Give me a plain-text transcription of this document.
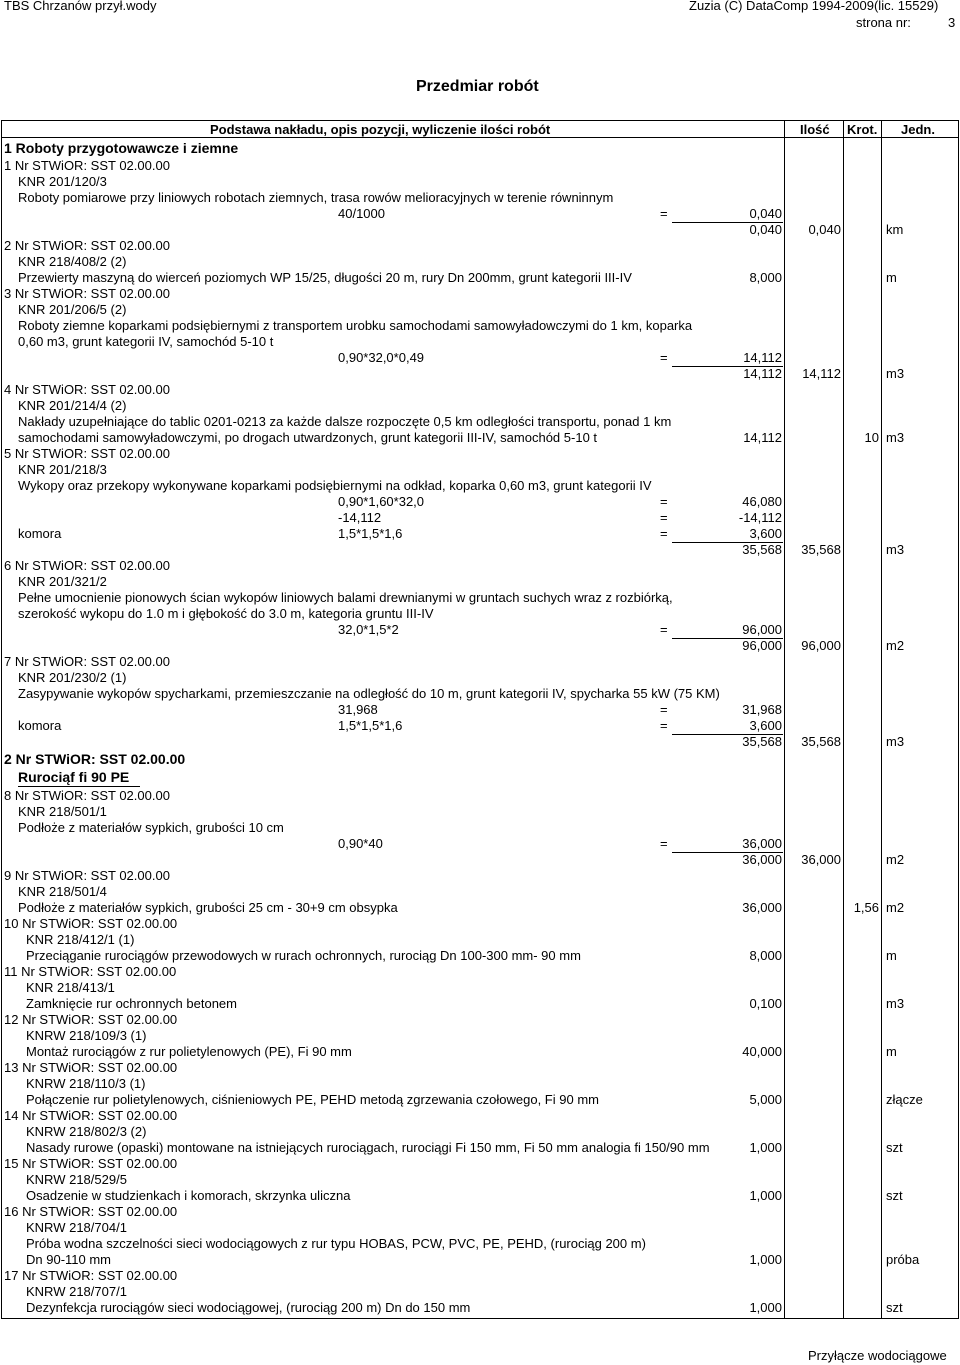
TBS Chrzanów przył.wody	Zuzia (C) DataComp 1994-2009(lic. 15529)
strona nr:	3
Przedmiar robót
Podstawa nakładu, opis pozycji, wyliczenie ilości robót	Ilość Krot. Jedn.
1 Roboty przygotowawcze i ziemne
1 Nr STWiOR: SST 02.00.00
KNR 201/120/3
Roboty pomiarowe przy liniowych robotach ziemnych, trasa rowów melioracyjnych w terenie równinnym
40/1000	=	0,040
0,040	0,040	km
2 Nr STWiOR: SST 02.00.00
KNR 218/408/2 (2)
Przewierty maszyną do wierceń poziomych WP 15/25, długości 20 m, rury Dn 200mm, grunt kategorii III-IV	8,000	m
3 Nr STWiOR: SST 02.00.00
KNR 201/206/5 (2)
Roboty ziemne koparkami podsiębiernymi z transportem urobku samochodami samowyładowczymi do 1 km, koparka
0,60 m3, grunt kategorii IV, samochód 5-10 t
0,90*32,0*0,49	=	14,112
14,112	14,112	m3
4 Nr STWiOR: SST 02.00.00
KNR 201/214/4 (2)
Nakłady uzupełniające do tablic 0201-0213 za każde dalsze rozpoczęte 0,5 km odległości transportu, ponad 1 km
samochodami samowyładowczymi, po drogach utwardzonych, grunt kategorii III-IV, samochód 5-10 t	14,112	10 m3
5 Nr STWiOR: SST 02.00.00
KNR 201/218/3
Wykopy oraz przekopy wykonywane koparkami podsiębiernymi na odkład, koparka 0,60 m3, grunt kategorii IV
0,90*1,60*32,0	=	46,080
-14,112	=	-14,112
komora	1,5*1,5*1,6	=	3,600
35,568	35,568	m3
6 Nr STWiOR: SST 02.00.00
KNR 201/321/2
Pełne umocnienie pionowych ścian wykopów liniowych balami drewnianymi w gruntach suchych wraz z rozbiórką,
szerokość wykopu do 1.0 m i głębokość do 3.0 m, kategoria gruntu III-IV
32,0*1,5*2	=	96,000
96,000	96,000	m2
7 Nr STWiOR: SST 02.00.00
KNR 201/230/2 (1)
Zasypywanie wykopów spycharkami, przemieszczanie na odległość do 10 m, grunt kategorii IV, spycharka 55 kW (75 KM)
31,968	=	31,968
komora	1,5*1,5*1,6	=	3,600
35,568	35,568	m3
2 Nr STWiOR: SST 02.00.00
Rurociąf fi 90 PE
8 Nr STWiOR: SST 02.00.00
KNR 218/501/1
Podłoże z materiałów sypkich, grubości 10 cm
0,90*40	=	36,000
36,000	36,000	m2
9 Nr STWiOR: SST 02.00.00
KNR 218/501/4
Podłoże z materiałów sypkich, grubości 25 cm - 30+9 cm obsypka	36,000	1,56 m2
10 Nr STWiOR: SST 02.00.00
KNR 218/412/1 (1)
Przeciąganie rurociągów przewodowych w rurach ochronnych, rurociąg Dn 100-300 mm- 90 mm	8,000	m
11 Nr STWiOR: SST 02.00.00
KNR 218/413/1
Zamknięcie rur ochronnych betonem	0,100	m3
12 Nr STWiOR: SST 02.00.00
KNRW 218/109/3 (1)
Montaż rurociągów z rur polietylenowych (PE), Fi 90 mm	40,000	m
13 Nr STWiOR: SST 02.00.00
KNRW 218/110/3 (1)
Połączenie rur polietylenowych, ciśnieniowych PE, PEHD metodą zgrzewania czołowego, Fi 90 mm	5,000	złącze
14 Nr STWiOR: SST 02.00.00
KNRW 218/802/3 (2)
Nasady rurowe (opaski) montowane na istniejących rurociągach, rurociągi Fi 150 mm, Fi 50 mm analogia fi 150/90 mm	1,000	szt
15 Nr STWiOR: SST 02.00.00
KNRW 218/529/5
Osadzenie w studzienkach i komorach, skrzynka uliczna	1,000	szt
16 Nr STWiOR: SST 02.00.00
KNRW 218/704/1
Próba wodna szczelności sieci wodociągowych z rur typu HOBAS, PCW, PVC, PE, PEHD, (rurociąg 200 m)
Dn 90-110 mm	1,000	próba
17 Nr STWiOR: SST 02.00.00
KNRW 218/707/1
Dezynfekcja rurociągów sieci wodociągowej, (rurociąg 200 m) Dn do 150 mm	1,000	szt
Przyłącze wodociągowe
